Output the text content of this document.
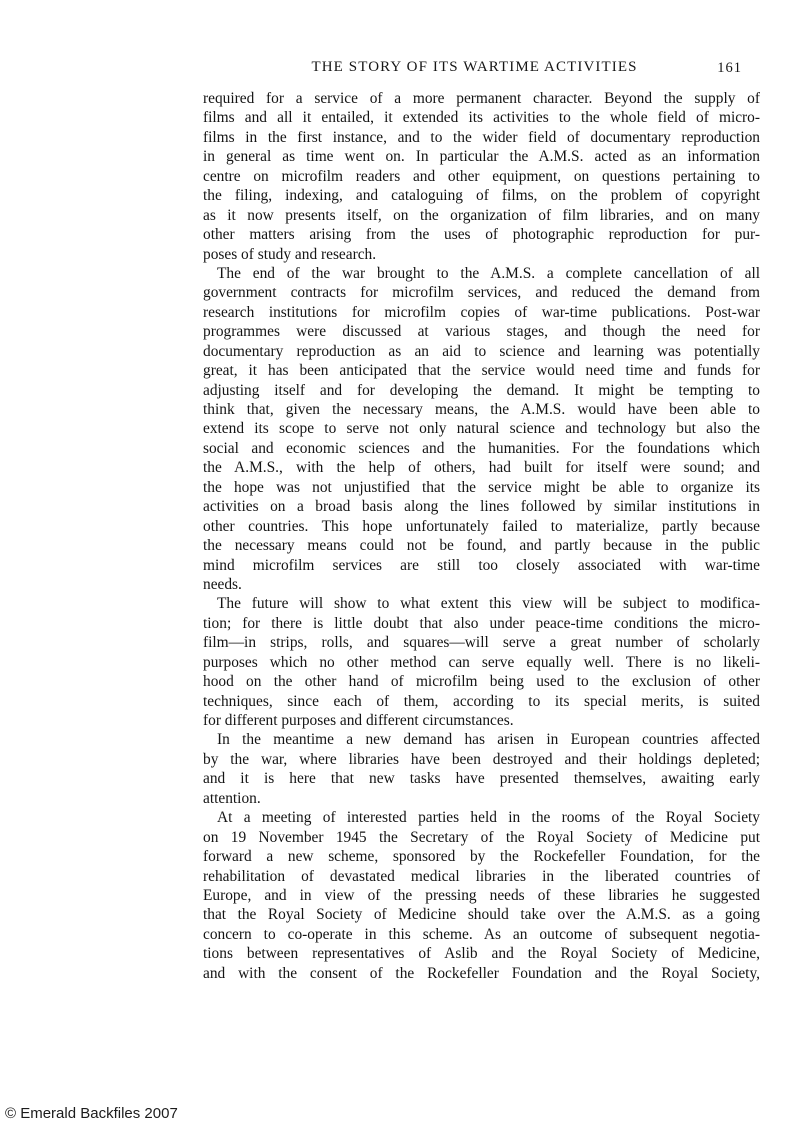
THE STORY OF ITS WARTIME ACTIVITIES	161
required for a service of a more permanent character. Beyond the supply of
films and all it entailed, it extended its activities to the whole field of micro-
films in the first instance, and to the wider field of documentary reproduction
in general as time went on. In particular the A.M.S. acted as an information
centre on microfilm readers and other equipment, on questions pertaining to
the filing, indexing, and cataloguing of films, on the problem of copyright
as it now presents itself, on the organization of film libraries, and on many
other matters arising from the uses of photographic reproduction for pur-
poses of study and research.
The end of the war brought to the A.M.S. a complete cancellation of all
government contracts for microfilm services, and reduced the demand from
research institutions for microfilm copies of war-time publications. Post-war
programmes were discussed at various stages, and though the need for
documentary reproduction as an aid to science and learning was potentially
great, it has been anticipated that the service would need time and funds for
adjusting itself and for developing the demand. It might be tempting to
think that, given the necessary means, the A.M.S. would have been able to
extend its scope to serve not only natural science and technology but also the
social and economic sciences and the humanities. For the foundations which
the A.M.S., with the help of others, had built for itself were sound; and
the hope was not unjustified that the service might be able to organize its
activities on a broad basis along the lines followed by similar institutions in
other countries. This hope unfortunately failed to materialize, partly because
the necessary means could not be found, and partly because in the public
mind microfilm services are still too closely associated with war-time
needs.
The future will show to what extent this view will be subject to modifica-
tion; for there is little doubt that also under peace-time conditions the micro-
film—in strips, rolls, and squares—will serve a great number of scholarly
purposes which no other method can serve equally well. There is no likeli-
hood on the other hand of microfilm being used to the exclusion of other
techniques, since each of them, according to its special merits, is suited
for different purposes and different circumstances.
In the meantime a new demand has arisen in European countries affected
by the war, where libraries have been destroyed and their holdings depleted;
and it is here that new tasks have presented themselves, awaiting early
attention.
At a meeting of interested parties held in the rooms of the Royal Society
on 19 November 1945 the Secretary of the Royal Society of Medicine put
forward a new scheme, sponsored by the Rockefeller Foundation, for the
rehabilitation of devastated medical libraries in the liberated countries of
Europe, and in view of the pressing needs of these libraries he suggested
that the Royal Society of Medicine should take over the A.M.S. as a going
concern to co-operate in this scheme. As an outcome of subsequent negotia-
tions between representatives of Aslib and the Royal Society of Medicine,
and with the consent of the Rockefeller Foundation and the Royal Society,
© Emerald Backfiles 2007
